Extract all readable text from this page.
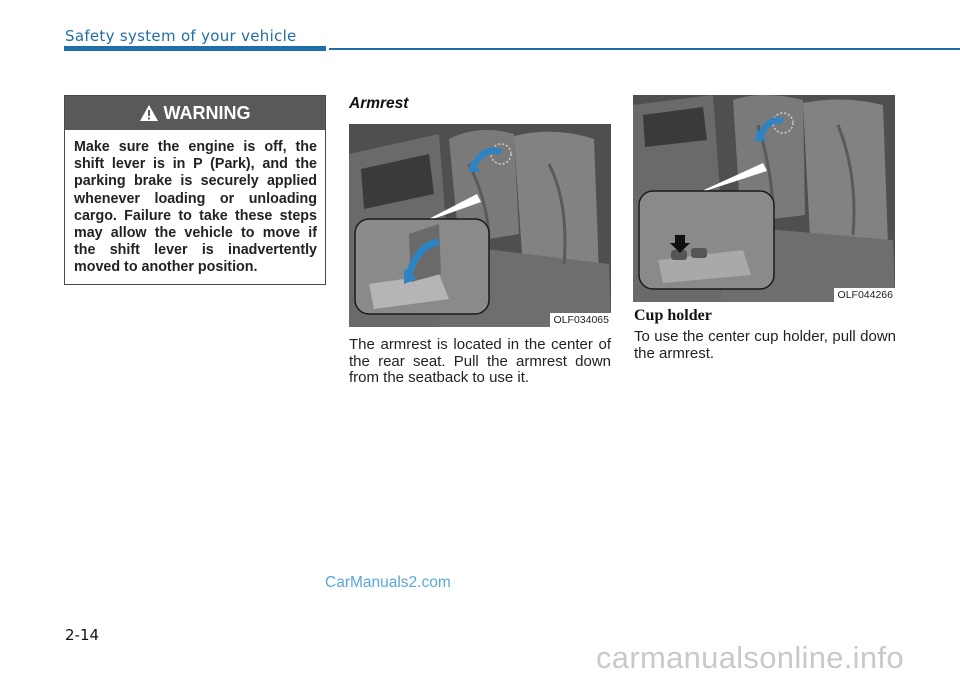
Safety system of your vehicle
WARNING
Make sure the engine is off, the shift lever is in P (Park), and the parking brake is securely applied whenever loading or unloading cargo. Failure to take these steps may allow the vehicle to move if the shift lever is inadvertently moved to another position.
Armrest
OLF034065
The armrest is located in the center of the rear seat. Pull the armrest down from the seatback to use it.
OLF044266
Cup holder
To use the center cup holder, pull down the armrest.
CarManuals2.com
2-14
carmanualsonline.info
